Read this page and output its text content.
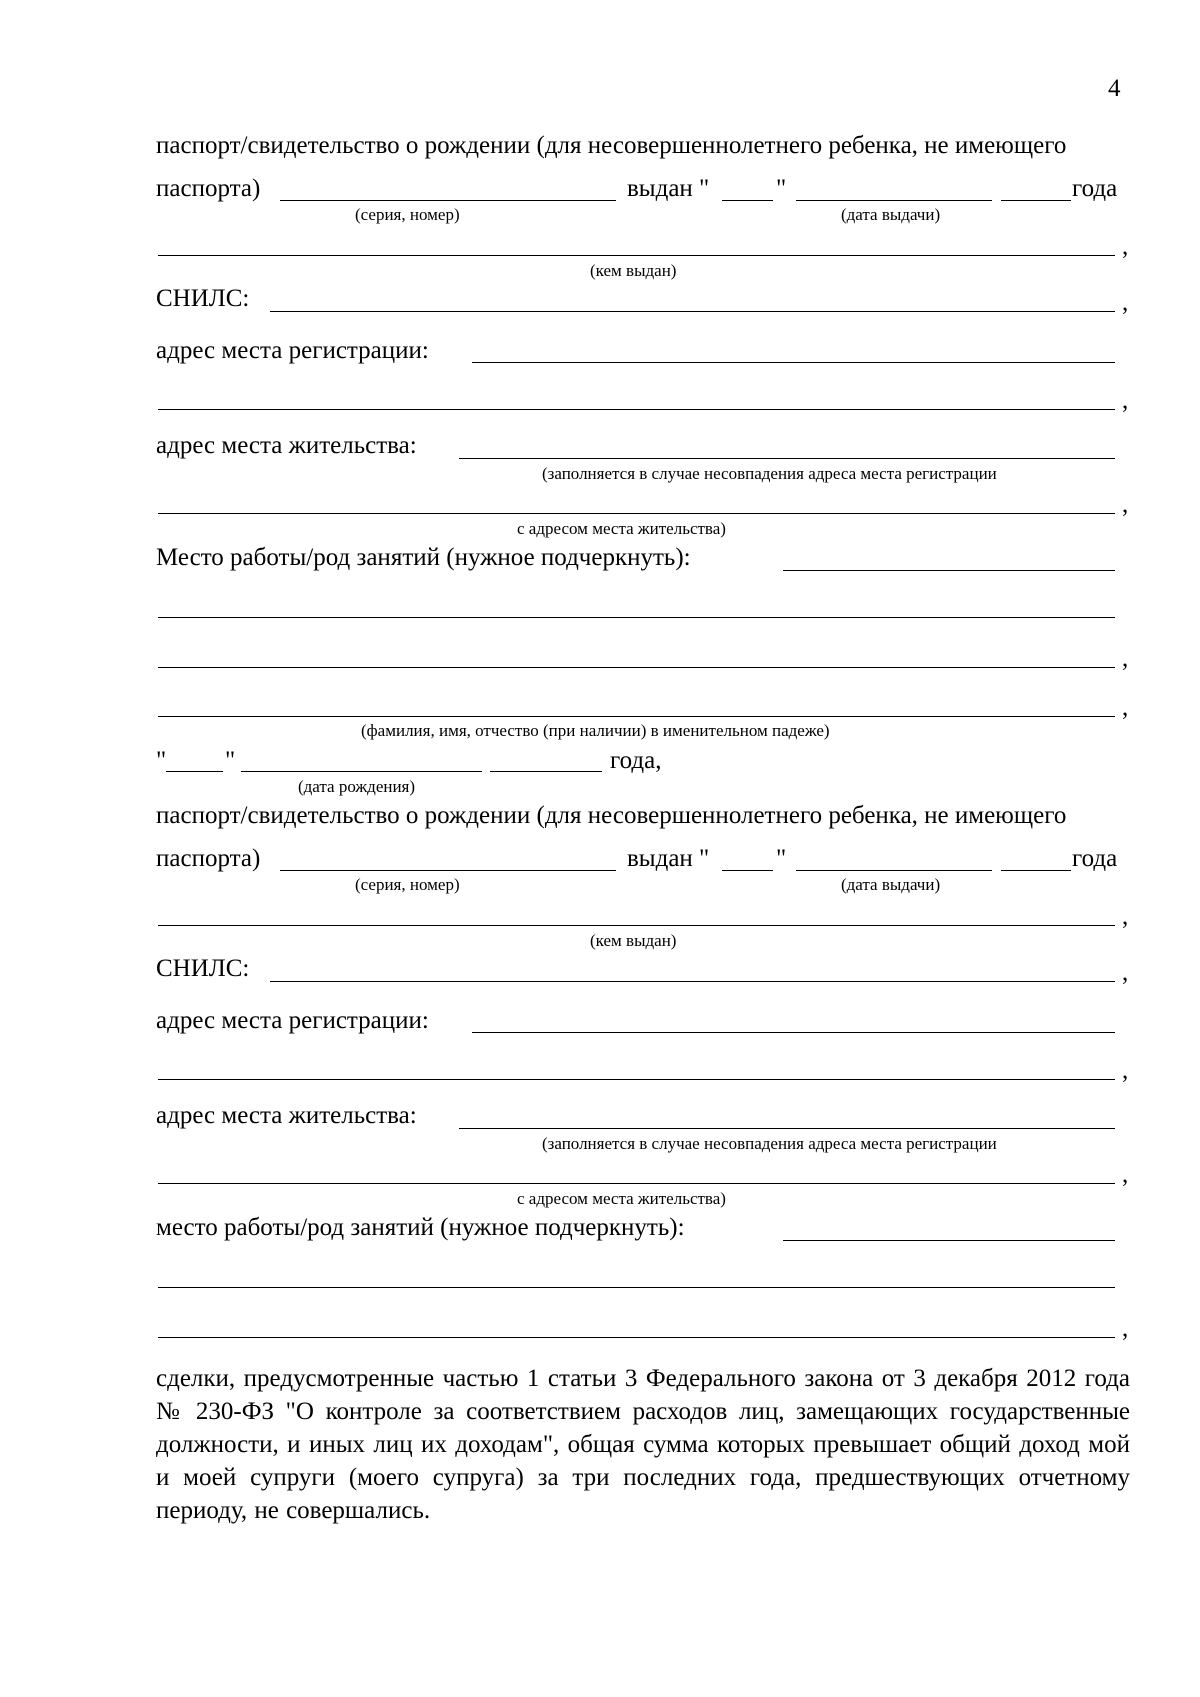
4
паспорт/свидетельство о рождении (для несовершеннолетнего ребенка, не имеющего
паспорта)	выдан "	"	года
(серия, номер)	(дата выдачи)
,
(кем выдан)
СНИЛС:	,
адрес места регистрации:
,
адрес места жительства:
(заполняется в случае несовпадения адреса места регистрации
,
с адресом места жительства)
Место работы/род занятий (нужное подчеркнуть):
,
,
(фамилия, имя, отчество (при наличии) в именительном падеже)
" "	года,
(дата рождения)
паспорт/свидетельство о рождении (для несовершеннолетнего ребенка, не имеющего
паспорта)	выдан "	"	года
(серия, номер)	(дата выдачи)
,
(кем выдан)
СНИЛС:	,
адрес места регистрации:
,
адрес места жительства:
(заполняется в случае несовпадения адреса места регистрации
,
с адресом места жительства)
место работы/род занятий (нужное подчеркнуть):
,
сделки, предусмотренные частью 1 статьи 3 Федерального закона от 3 декабря 2012 года № 230-ФЗ "О контроле за соответствием расходов лиц, замещающих государственные должности, и иных лиц их доходам", общая сумма которых превышает общий доход мой и моей супруги (моего супруга) за три последних года, предшествующих отчетному периоду, не совершались.
